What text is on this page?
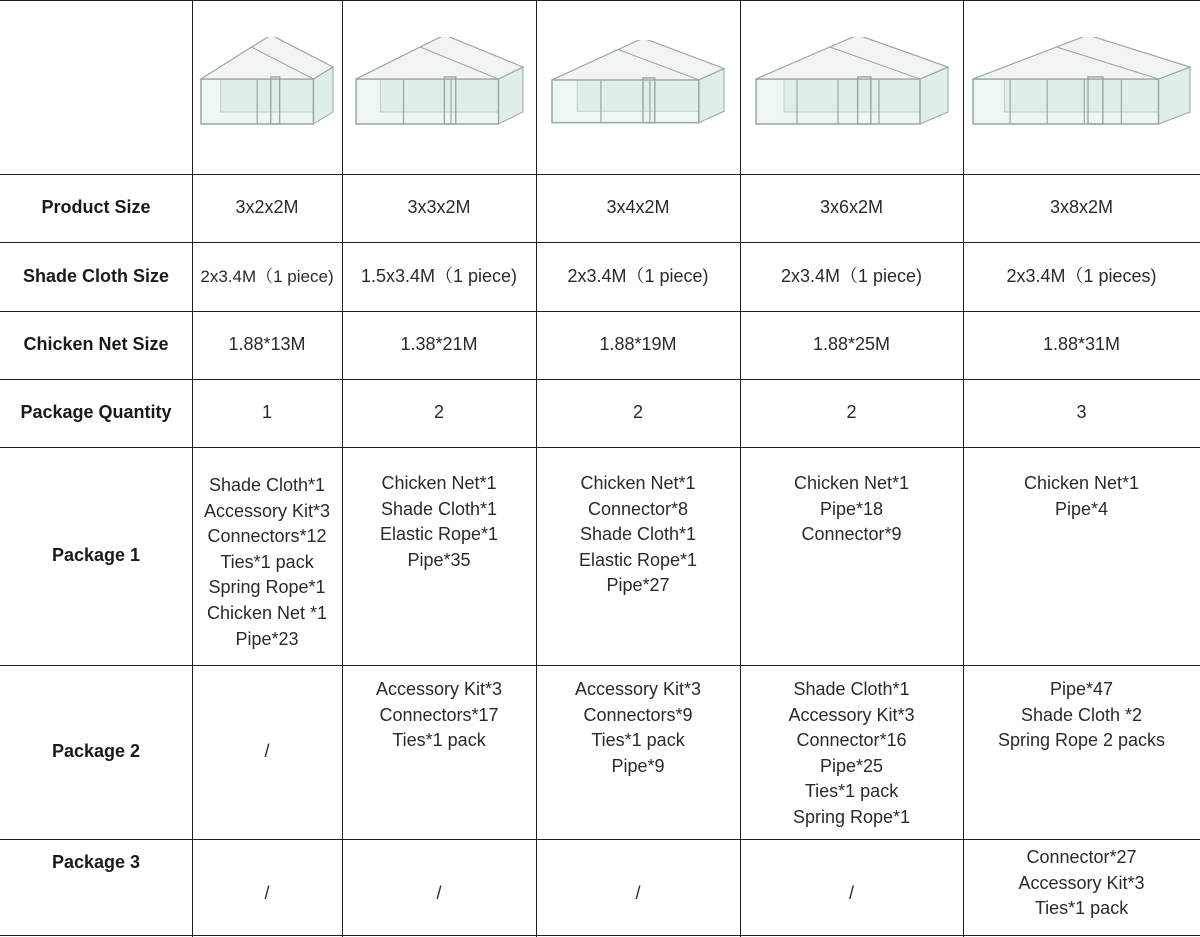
Product Size
Shade Cloth Size
Chicken Net Size
Package Quantity
Package 1
Package 2
Package 3
3x2x2M
2x3.4M（1 piece)
1.88*13M
1
Shade Cloth*1
Accessory Kit*3
Connectors*12
Ties*1 pack
Spring Rope*1
Chicken Net *1
Pipe*23
/
/
3x3x2M
1.5x3.4M（1 piece)
1.38*21M
2
Chicken Net*1
Shade Cloth*1
Elastic Rope*1
Pipe*35
Accessory Kit*3
Connectors*17
Ties*1 pack
/
3x4x2M
2x3.4M（1 piece)
1.88*19M
2
Chicken Net*1
Connector*8
Shade Cloth*1
Elastic Rope*1
Pipe*27
Accessory Kit*3
Connectors*9
Ties*1 pack
Pipe*9
/
3x6x2M
2x3.4M（1 piece)
1.88*25M
2
Chicken Net*1
Pipe*18
Connector*9
Shade Cloth*1
Accessory Kit*3
Connector*16
Pipe*25
Ties*1 pack
Spring Rope*1
/
3x8x2M
2x3.4M（1 pieces)
1.88*31M
3
Chicken Net*1
Pipe*4
Pipe*47
Shade Cloth *2
Spring Rope 2 packs
Connector*27
Accessory Kit*3
Ties*1 pack
